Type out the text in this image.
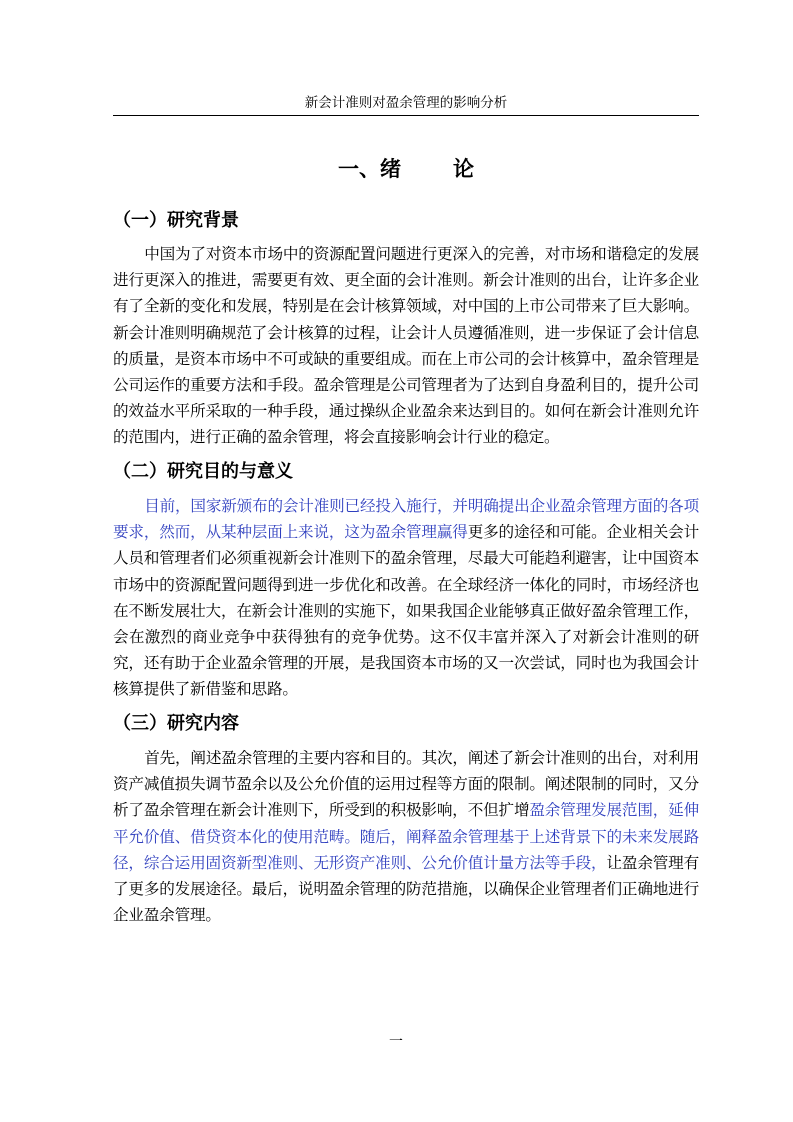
新会计准则对盈余管理的影响分析
一、绪 论
（一）研究背景
中国为了对资本市场中的资源配置问题进行更深入的完善，对市场和谐稳定的发展进行更深入的推进，需要更有效、更全面的会计准则。新会计准则的出台，让许多企业有了全新的变化和发展，特别是在会计核算领域，对中国的上市公司带来了巨大影响。新会计准则明确规范了会计核算的过程，让会计人员遵循准则，进一步保证了会计信息的质量，是资本市场中不可或缺的重要组成。而在上市公司的会计核算中，盈余管理是公司运作的重要方法和手段。盈余管理是公司管理者为了达到自身盈利目的，提升公司的效益水平所采取的一种手段，通过操纵企业盈余来达到目的。如何在新会计准则允许的范围内，进行正确的盈余管理，将会直接影响会计行业的稳定。
（二）研究目的与意义
目前，国家新颁布的会计准则已经投入施行，并明确提出企业盈余管理方面的各项要求，然而，从某种层面上来说，这为盈余管理赢得更多的途径和可能。企业相关会计人员和管理者们必须重视新会计准则下的盈余管理，尽最大可能趋利避害，让中国资本市场中的资源配置问题得到进一步优化和改善。在全球经济一体化的同时，市场经济也在不断发展壮大，在新会计准则的实施下，如果我国企业能够真正做好盈余管理工作，会在激烈的商业竞争中获得独有的竞争优势。这不仅丰富并深入了对新会计准则的研究，还有助于企业盈余管理的开展，是我国资本市场的又一次尝试，同时也为我国会计核算提供了新借鉴和思路。
（三）研究内容
首先，阐述盈余管理的主要内容和目的。其次，阐述了新会计准则的出台，对利用资产减值损失调节盈余以及公允价值的运用过程等方面的限制。阐述限制的同时，又分析了盈余管理在新会计准则下，所受到的积极影响，不但扩增盈余管理发展范围，延伸平允价值、借贷资本化的使用范畴。随后，阐释盈余管理基于上述背景下的未来发展路径，综合运用固资新型准则、无形资产准则、公允价值计量方法等手段，让盈余管理有了更多的发展途径。最后，说明盈余管理的防范措施，以确保企业管理者们正确地进行企业盈余管理。
一
